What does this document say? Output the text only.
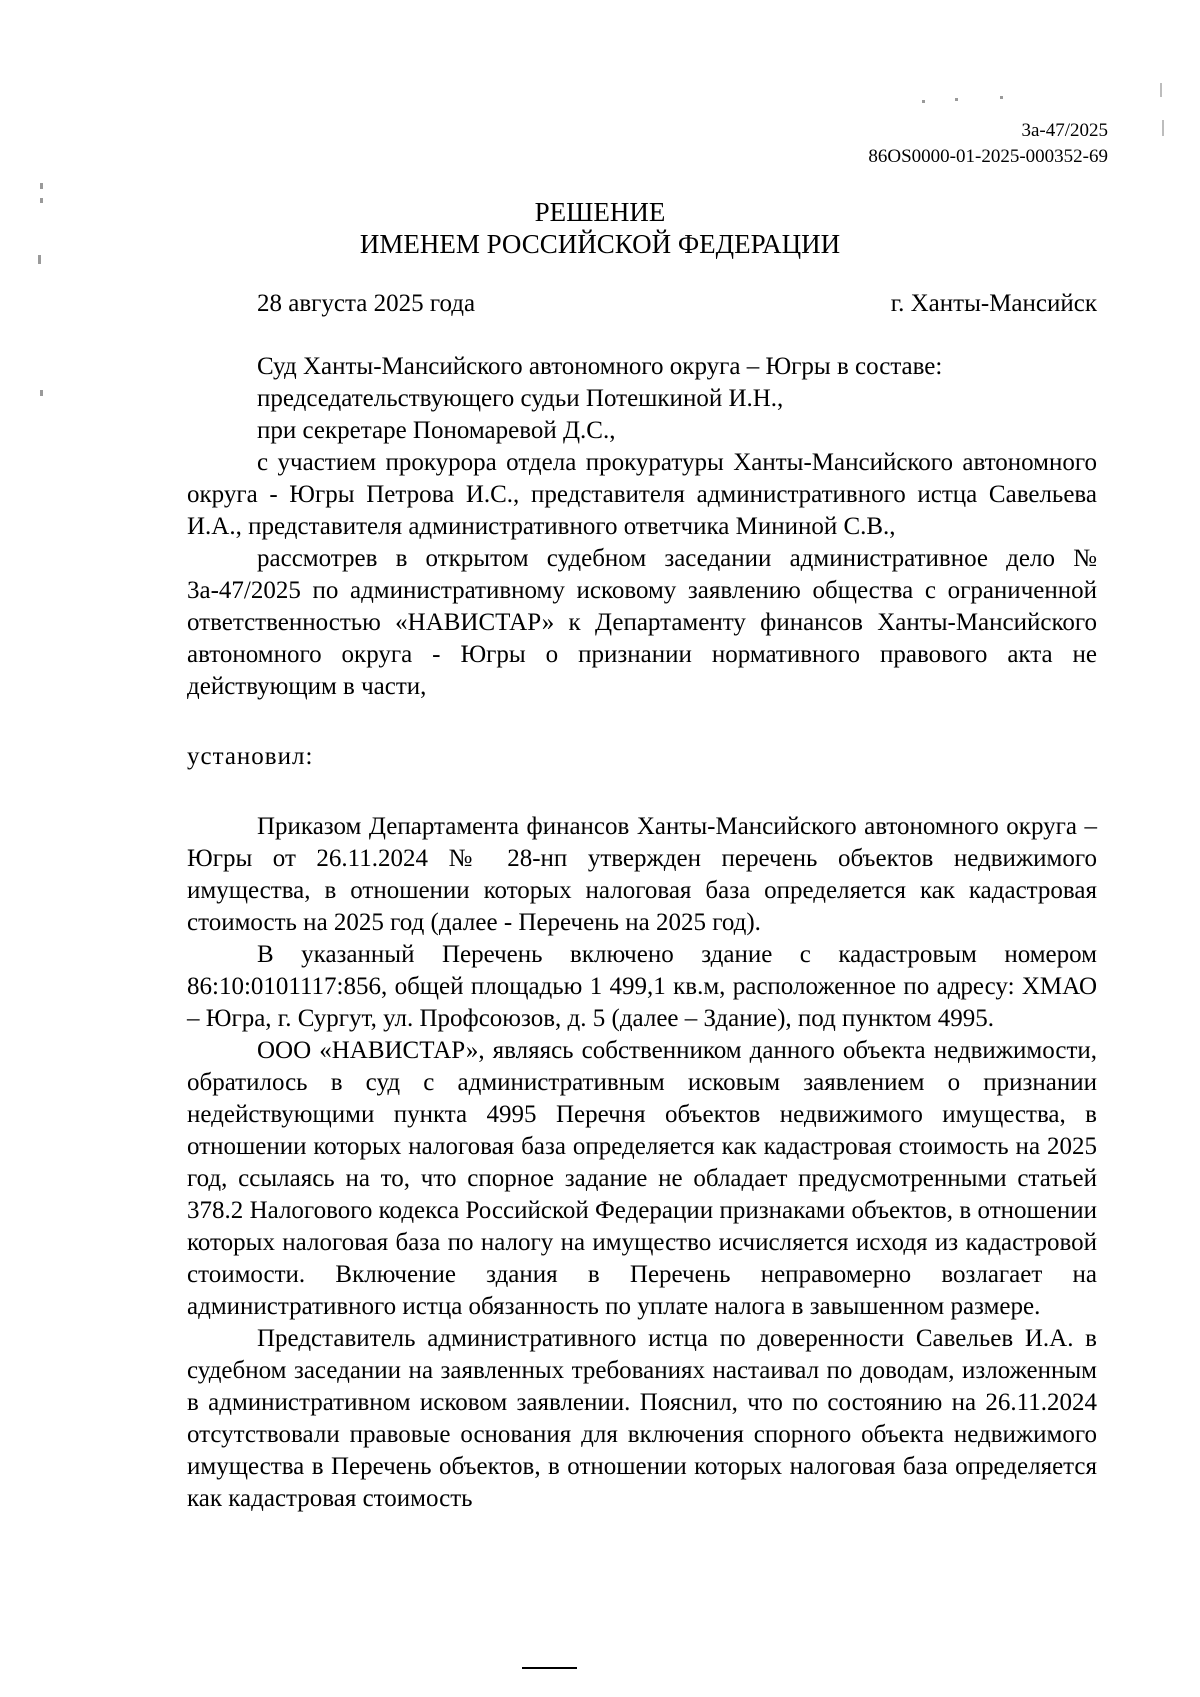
3а-47/2025
86OS0000-01-2025-000352-69
РЕШЕНИЕ
ИМЕНЕМ РОССИЙСКОЙ ФЕДЕРАЦИИ
28 августа 2025 года	г. Ханты-Мансийск

Суд Ханты-Мансийского автономного округа – Югры в составе:

председательствующего судьи Потешкиной И.Н.,

при секретаре Пономаревой Д.С.,

с участием прокурора отдела прокуратуры Ханты-Мансийского автономного округа - Югры Петрова И.С., представителя административного истца Савельева И.А., представителя административного ответчика Мининой С.В.,

рассмотрев в открытом судебном заседании административное дело № 3а-47/2025 по административному исковому заявлению общества с ограниченной ответственностью «НАВИСТАР» к Департаменту финансов Ханты-Мансийского автономного округа - Югры о признании нормативного правового акта не действующим в части,

установил:

Приказом Департамента финансов Ханты-Мансийского автономного округа – Югры от 26.11.2024 № 28-нп утвержден перечень объектов недвижимого имущества, в отношении которых налоговая база определяется как кадастровая стоимость на 2025 год (далее - Перечень на 2025 год).

В указанный Перечень включено здание с кадастровым номером 86:10:0101117:856, общей площадью 1 499,1 кв.м, расположенное по адресу: ХМАО – Югра, г. Сургут, ул. Профсоюзов, д. 5 (далее – Здание), под пунктом 4995.

ООО «НАВИСТАР», являясь собственником данного объекта недвижимости, обратилось в суд с административным исковым заявлением о признании недействующими пункта 4995 Перечня объектов недвижимого имущества, в отношении которых налоговая база определяется как кадастровая стоимость на 2025 год, ссылаясь на то, что спорное задание не обладает предусмотренными статьей 378.2 Налогового кодекса Российской Федерации признаками объектов, в отношении которых налоговая база по налогу на имущество исчисляется исходя из кадастровой стоимости. Включение здания в Перечень неправомерно возлагает на административного истца обязанность по уплате налога в завышенном размере.

Представитель административного истца по доверенности Савельев И.А. в судебном заседании на заявленных требованиях настаивал по доводам, изложенным в административном исковом заявлении. Пояснил, что по состоянию на 26.11.2024 отсутствовали правовые основания для включения спорного объекта недвижимого имущества в Перечень объектов, в отношении которых налоговая база определяется как кадастровая стоимость
